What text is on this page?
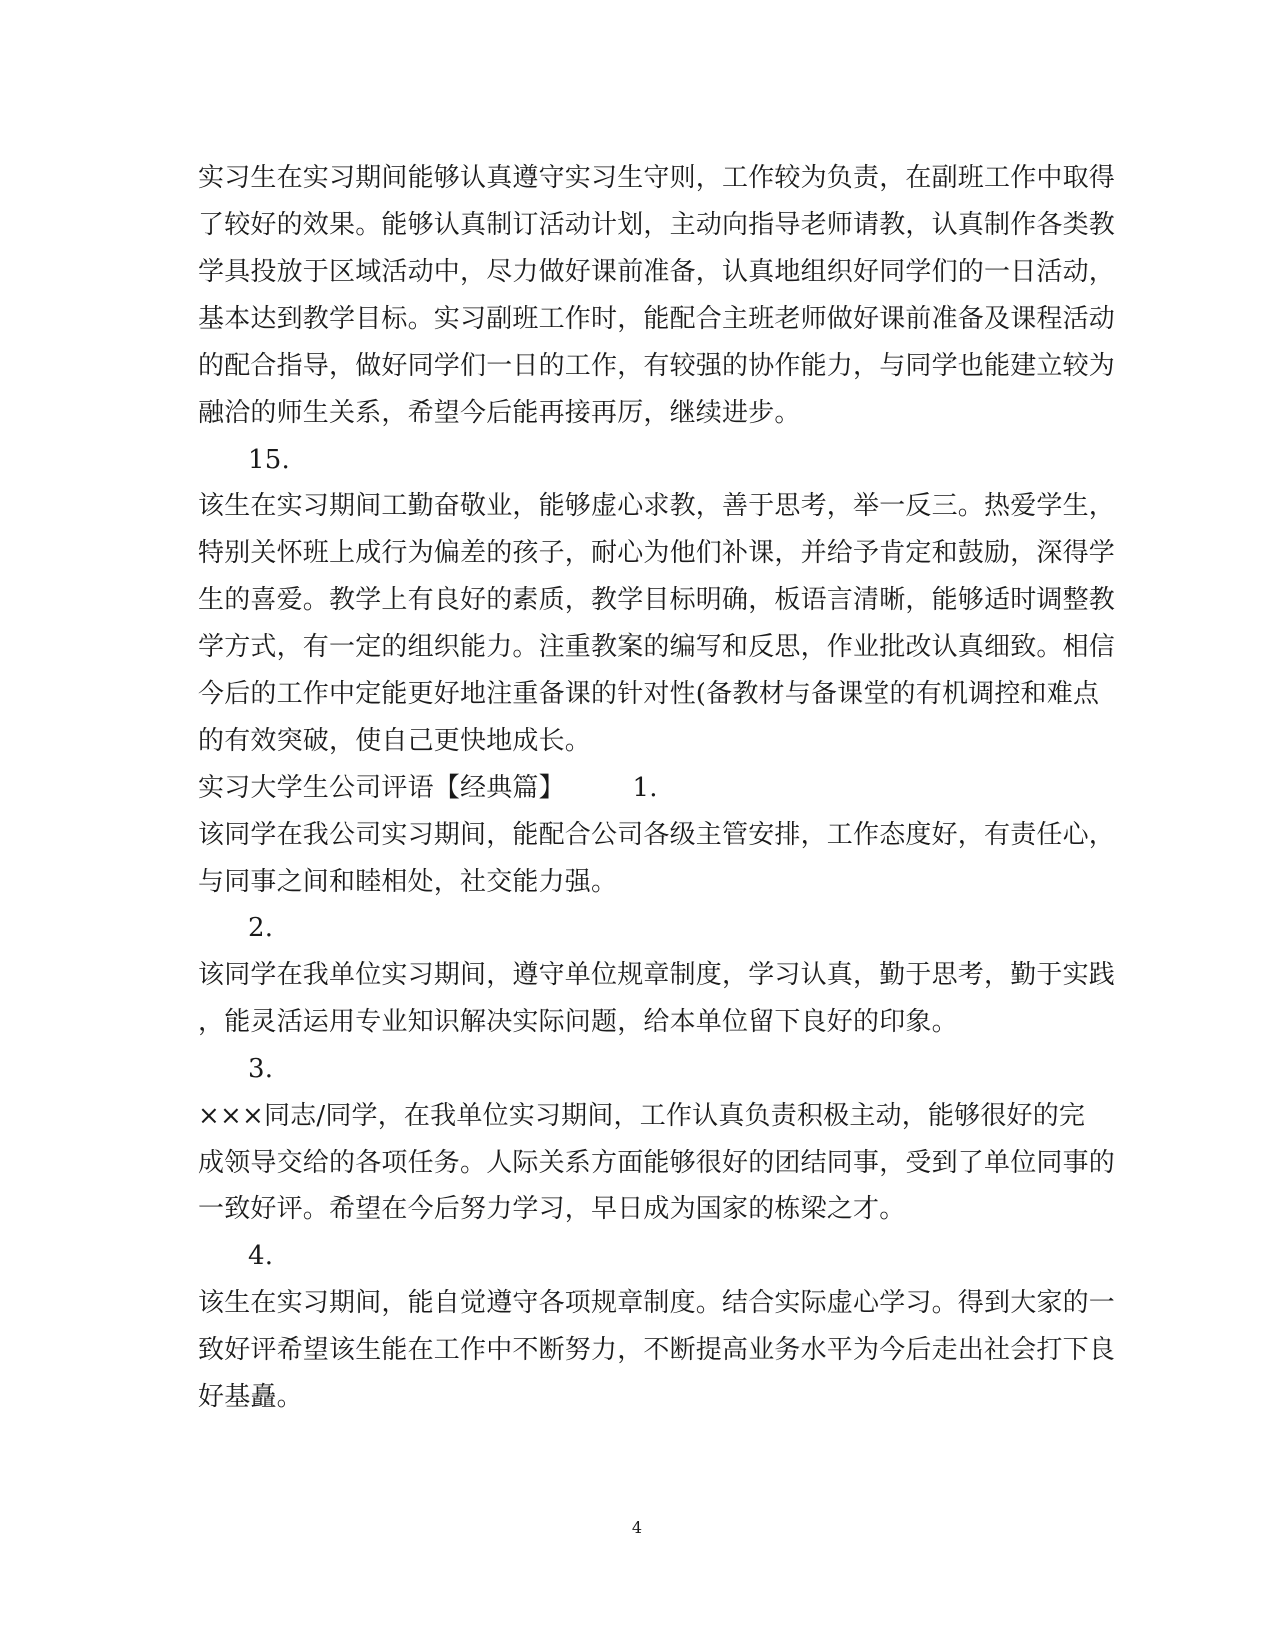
实习生在实习期间能够认真遵守实习生守则，工作较为负责，在副班工作中取得
了较好的效果。能够认真制订活动计划，主动向指导老师请教，认真制作各类教
学具投放于区域活动中，尽力做好课前准备，认真地组织好同学们的一日活动，
基本达到教学目标。实习副班工作时，能配合主班老师做好课前准备及课程活动
的配合指导，做好同学们一日的工作，有较强的协作能力，与同学也能建立较为
融洽的师生关系，希望今后能再接再厉，继续进步。
15.
该生在实习期间工勤奋敬业，能够虚心求教，善于思考，举一反三。热爱学生，
特别关怀班上成行为偏差的孩子，耐心为他们补课，并给予肯定和鼓励，深得学
生的喜爱。教学上有良好的素质，教学目标明确，板语言清晰，能够适时调整教
学方式，有一定的组织能力。注重教案的编写和反思，作业批改认真细致。相信
今后的工作中定能更好地注重备课的针对性(备教材与备课堂的有机调控和难点
的有效突破，使自己更快地成长。
实习大学生公司评语【经典篇】        1.
该同学在我公司实习期间，能配合公司各级主管安排，工作态度好，有责任心，
与同事之间和睦相处，社交能力强。
2.
该同学在我单位实习期间，遵守单位规章制度，学习认真，勤于思考，勤于实践
，能灵活运用专业知识解决实际问题，给本单位留下良好的印象。
3.
×××同志/同学，在我单位实习期间，工作认真负责积极主动，能够很好的完
成领导交给的各项任务。人际关系方面能够很好的团结同事，受到了单位同事的
一致好评。希望在今后努力学习，早日成为国家的栋梁之才。
4.
该生在实习期间，能自觉遵守各项规章制度。结合实际虚心学习。得到大家的一
致好评希望该生能在工作中不断努力，不断提高业务水平为今后走出社会打下良
好基矗。
4
